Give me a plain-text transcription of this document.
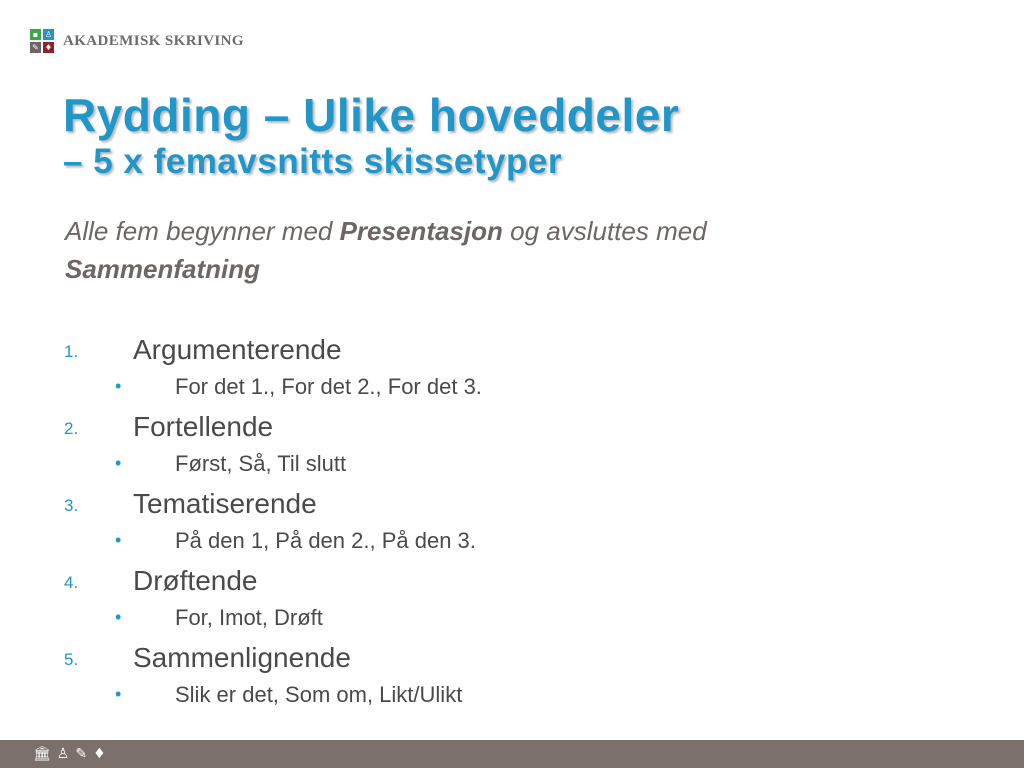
▪ ♙
✎ ♦ AKADEMISK SKRIVING
Rydding – Ulike hoveddeler
– 5 x femavsnitts skissetyper
Alle fem begynner med Presentasjon og avsluttes med
Sammenfatning
1. Argumenterende
• For det 1., For det 2., For det 3.
2. Fortellende
• Først, Så, Til slutt
3. Tematiserende
• På den 1, På den 2., På den 3.
4. Drøftende
• For, Imot, Drøft
5. Sammenlignende
• Slik er det, Som om, Likt/Ulikt
🏛 ♙ ✎ ♦
